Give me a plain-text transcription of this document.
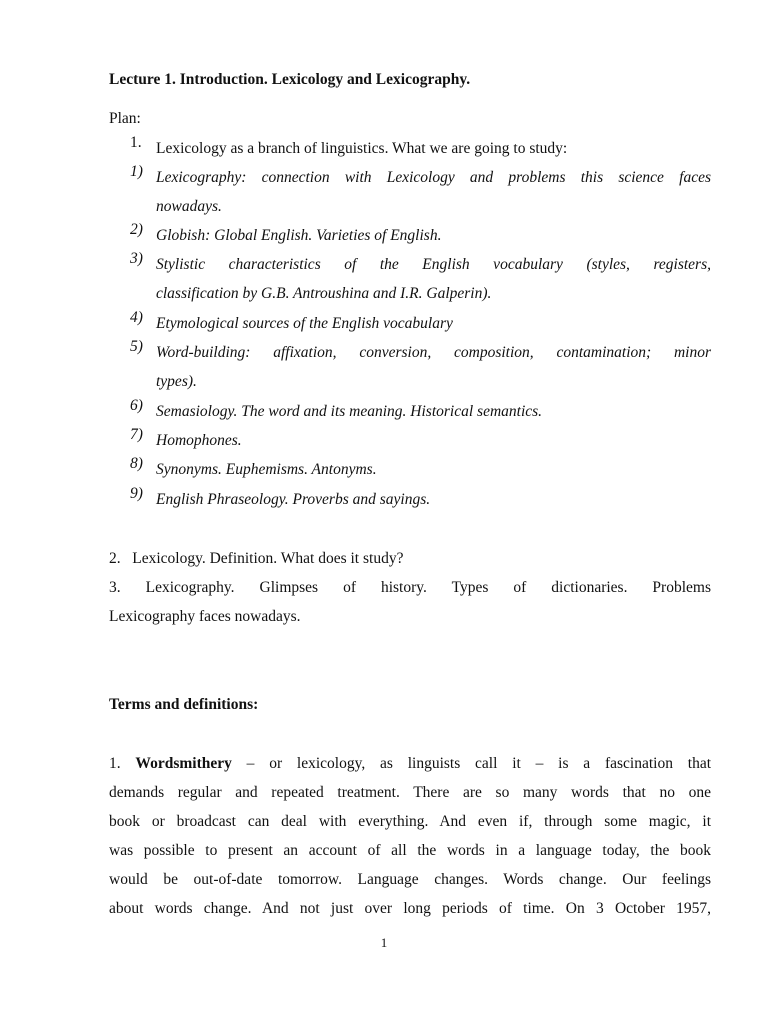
Lecture 1. Introduction. Lexicology and Lexicography.
Plan:
1. Lexicology as a branch of linguistics. What we are going to study:
1) Lexicography: connection with Lexicology and problems this science faces
nowadays.
2) Globish: Global English. Varieties of English.
3) Stylistic characteristics of the English vocabulary (styles, registers,
classification by G.B. Antroushina and I.R. Galperin).
4) Etymological sources of the English vocabulary
5) Word-building: affixation, conversion, composition, contamination; minor
types).
6) Semasiology. The word and its meaning. Historical semantics.
7) Homophones.
8) Synonyms. Euphemisms. Antonyms.
9) English Phraseology. Proverbs and sayings.
2.   Lexicology. Definition. What does it study?
3. Lexicography. Glimpses of history. Types of dictionaries. Problems
Lexicography faces nowadays.
Terms and definitions:
1. Wordsmithery – or lexicology, as linguists call it – is a fascination that
demands regular and repeated treatment. There are so many words that no one
book or broadcast can deal with everything. And even if, through some magic, it
was possible to present an account of all the words in a language today, the book
would be out-of-date tomorrow. Language changes. Words change. Our feelings
about words change. And not just over long periods of time. On 3 October 1957,
1
